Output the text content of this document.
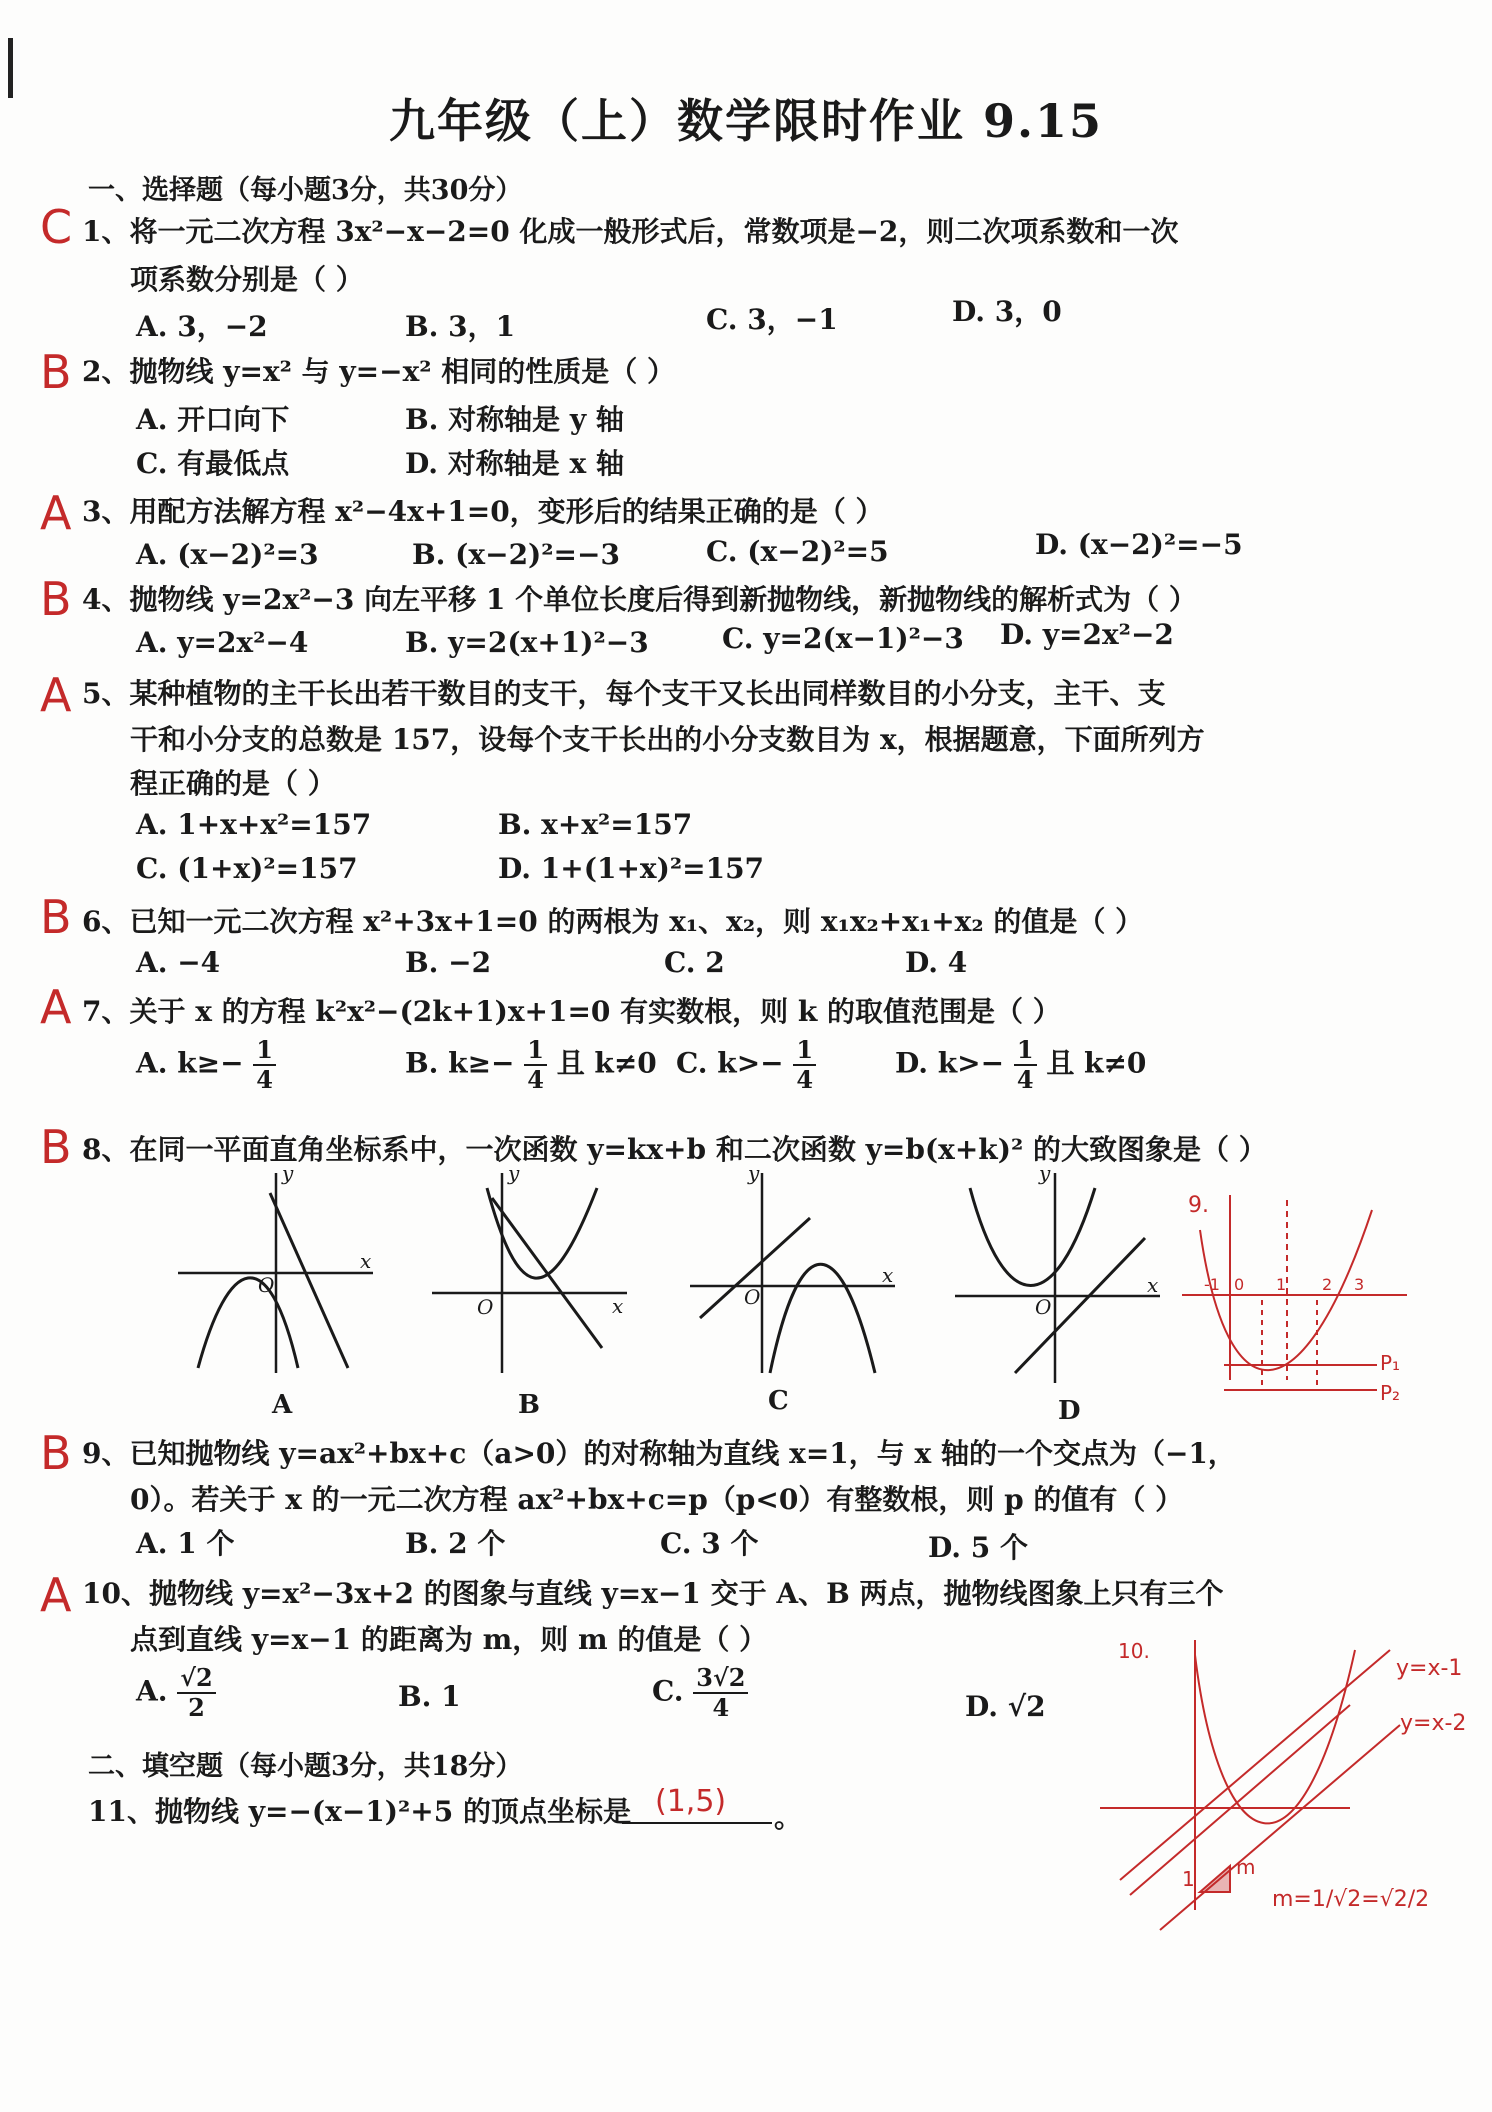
九年级（上）数学限时作业 9.15
一、选择题（每小题3分，共30分）
C 1、将一元二次方程 3x²−x−2=0 化成一般形式后，常数项是−2，则二次项系数和一次
项系数分别是（ ）
A. 3，−2	B. 3，1	C. 3，−1	D. 3，0
B 2、抛物线 y=x² 与 y=−x² 相同的性质是（ ）
A. 开口向下	B. 对称轴是 y 轴
C. 有最低点	D. 对称轴是 x 轴
A 3、用配方法解方程 x²−4x+1=0，变形后的结果正确的是（ ）
A. (x−2)²=3	B. (x−2)²=−3	C. (x−2)²=5	D. (x−2)²=−5
B 4、抛物线 y=2x²−3 向左平移 1 个单位长度后得到新抛物线，新抛物线的解析式为（ ）
A. y=2x²−4	B. y=2(x+1)²−3	C. y=2(x−1)²−3 D. y=2x²−2
A 5、某种植物的主干长出若干数目的支干，每个支干又长出同样数目的小分支，主干、支
干和小分支的总数是 157，设每个支干长出的小分支数目为 x，根据题意，下面所列方
程正确的是（ ）
A. 1+x+x²=157	B. x+x²=157
C. (1+x)²=157	D. 1+(1+x)²=157
B 6、已知一元二次方程 x²+3x+1=0 的两根为 x₁、x₂，则 x₁x₂+x₁+x₂ 的值是（ ）
A. −4	B. −2	C. 2	D. 4
A 7、关于 x 的方程 k²x²−(2k+1)x+1=0 有实数根，则 k 的取值范围是（ ）
A. $k\ge- \frac{1}{4}$	B. $k\ge- \frac{1}{4}$ 且 k≠0 C. $k>- \frac{1}{4}$	D. $k>- \frac{1}{4}$ 且 k≠0
B 8、在同一平面直角坐标系中，一次函数 y=kx+b 和二次函数 y=b(x+k)² 的大致图象是（ ）
x
y
O
A
x
y
O
B
x
y
O
C
x
y
O
D
9.
-1 0 1 2 3
P₁
P₂
B 9、已知抛物线 y=ax²+bx+c（a>0）的对称轴为直线 x=1，与 x 轴的一个交点为（−1，
0）。若关于 x 的一元二次方程 ax²+bx+c=p（p<0）有整数根，则 p 的值有（ ）
A. 1 个	B. 2 个	C. 3 个	D. 5 个
A 10、抛物线 y=x²−3x+2 的图象与直线 y=x−1 交于 A、B 两点，抛物线图象上只有三个
点到直线 y=x−1 的距离为 m，则 m 的值是（ ）
A. $\frac{√2}{2}$	B. 1	C. $\frac{3√2}{4}$	D. √2
10.
y=x-1
y=x-2
m
1
m=1/√2=√2/2
二、填空题（每小题3分，共18分）
11、抛物线 y=−(x−1)²+5 的顶点坐标是 (1,5) 。
